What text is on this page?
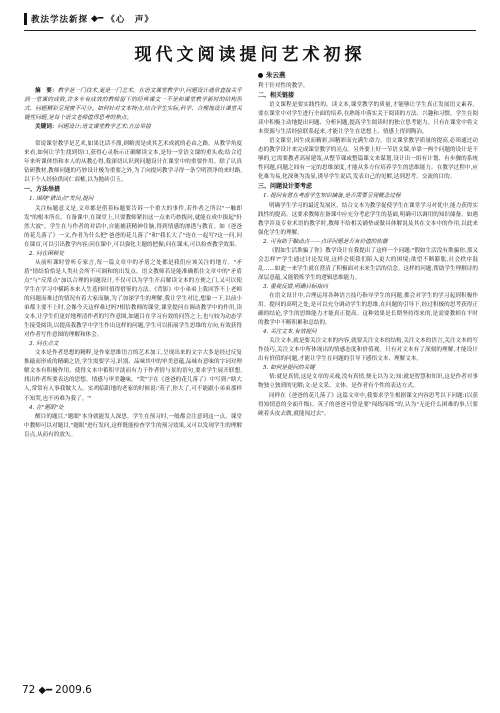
教法学法新探 ◆━ 《心　声》
现代文阅读提问艺术初探

摘　要：教学是一门技术,更是一门艺术。在语文课堂教学中,问题设计通常直接关乎到一堂课的成败,许多专有成效的教师留下的经典课文一不是和课堂教学新时的结构形式、问题精彩呈现密不可分。如何针对文本特点,结合学生实际,科学、合理地设计课堂关键性问题,是每个语文老师值得思考的焦点。

关键词：问题设计;语文课堂教学艺术;方法举措

常说课堂教学是艺术,如果比话不漂,则略需是成其艺术成就的必由之路。从教学角度来看,如何让学生找到切口,获得心灵指示正确解读文本,是每一堂语文课的重头戏;结合近年来听课体悟和本人的从教心得,我深切认识到问题设计在课堂中的重要作用。除了认真钻研教材,教师问题的巧妙设计极为重要之外,为了向提问教学寻得一条空明澄净的来时路,以下个人经验供同仁商榷,以为抛砖引玉。

一、方法举措
1. 围绕"猜出点"发问,提问

关注标题意义是,文章都是借着标题要告诉一个重大的事件,若作者之所以"一触即发"的根本所在。在备课中,在课堂上,只要教师紧扣这一点来巧妙拨问,就能在成中拔起"轩然大波"。学生在与作者的对话中,自能捕获精神住脑,得到情感的渗透与教育。如《爸爸的花儿落了》一文,作者为什么把"爸爸的花儿落了"和"我长大了"连在一起写?这一问,问在课首,可以引出教学内容;问在课中,可以强化主题的把握;问在课末,可以检查教学效果。

2. 问在困顿处

从前听课时曾听专家言,每一篇文章中的矛盾之处都是我们应该关注的地方。"矛盾"情结恰恰是人类社会所不可调和的出发点。语文教师若是能准确抓住文章中的"矛盾点"与"反常点"加以合理的问题设计,不仅可以为学生开启解读文本的方便之门,又可以使学生在学习中横跨本来人生选择时值得借鉴的方法。《背影》中小弟弟上我回答不上老师的问题而难过的情况有着大家而脑,为了加深学生的理解,我让学生对比,想象一下,以前小弟都主要不上时,会像今天这样难过吗?相信教师的课堂,课堂提问在调动教学中的作用,读文本,让学生们更好地理清作者的写作意图,如题目在学习有效的问答之上,也与较为动态学生接受阅读,以提高我教学中学生作出这样的问题,学生可以拓展学生思维的方向,有效获得对作者写作意图的理解和体会。

3. 问在点文

文本是作者思想的精粹,是作家思维语言的艺术加工,呈现出来的文字大多是经过反复推敲而形成的精确之语,学生需要学习,识别、品味其中的审美意蕴,品味有意味的字词对理解文本有积极作用。使得文本中蓄积平淡而有力于作者情与景的语句,要求学生展开联想,找出作者所要表达的思想、情感与审美趣味。"哭"字在《爸爸的花儿落了》中写到:"瞎大人,常常有人事我做大人。实鸡临阳地的老家的时候说:'英子,你大了,可不能跟小弟弟那样不知哭,也不再难为我了。'"

4. 在"题眼"处

醒目的题目,"题眼"本身就能发人深思。学生在预习时,一般都会注意到这一点。课堂中教师可以对题目,"题眼"进行发问,这样既能检查学生的预习效果,又可以发现学生的理解盲点,从而有的放矢。

朱云燕

利于针对性的教学。

二、相关链接

语文课程是要实践性的。读文本,课堂教学的质量,才能够让学生真正发展语文素养。要在课堂中对学生进行全面的培养,在熟练中落实关于阅读的方法、兴趣和习惯。学生在阅读中积极主动地提出问题、分析问题,提高学生阅读时的独立思考能力。只有在课堂中将文本资源与生活经验联系起来,才能让学生在思想上、情感上得到陶冶。

语文课堂,因生成而精彩,因精彩而充满生命力。语文课堂教学质量的提高,必须通过动态的教学设计来完成课堂教学的亮点。另外要上好一节语文课,单靠一两个问题的设计是不够的,它需要教者高屋建瓴,从整节课或整篇课文来谋划,设计出一组有计划、有步骤的系统性问题,问题之间有一定的思维深度,才能从多方位培养学生的思维能力。在教学过程中,应化难为易,化深奥为浅显,诱导学生说话,发表自己的见解,达到思考、交流的目的。

三、问题设计要考虑
1. 提问有意在考虑学生知识储备,是否需要呈现概念过程

明确学生学习的最近发展区。结合文本为教学促使学生在课堂学习对优中,能力获得实践性的提高。这要求教师在备课中应充分考虑学生的基础,明确可以调用的知识储备。如遇教学涉及专业术语的教学时,教师不给相关铺垫或做具体解说及其在文本中的作用,以此来强化学生的理解。

2. 可有助于触动点——点评问题是否有价值的依据

《假如生活欺骗了你》教学设计在我提出了这样一个问题:"假如生活没有欺骗你,那又会怎样?"学生通过讨论发现,这样会使我们陷入更大的困境;欲望不断膨胀,社会秩序混乱……如此一来学生就在澄清了积极面对未来生活的信念。这样的问题,帮助学生理解诗的深层意蕴,又能锻炼学生的逻辑思维能力。

3. 重视反馈,明确目标指向

在语文设计中,合理运用各种语言技巧指导学生的问题,都会对学生的学习起到积极作用。提问的高明之处,是可以充分调动学生的思维,在问题的引导下,经过积极的思考获得正确的结论,学生的思维能力才能真正提高。这种效果是长期坚持得来的,是需要教师在平时的教学中不断积累和总结的。

4. 关注文本,有效提问

关注文本,就是要关注文本的内容,就要关注文本的结构,关注文本的语言,关注文本的写作技巧,关注文本中所体现出的情感态度和价值观。只有对文本有了深刻的理解,才能设计出有价值的问题,才能让学生在问题的引导下感悟文本、理解文本。

5. 如何是提问的关键

情:就是真情,这是文章的灵魂,没有真情,便无以为文;知:就是智慧和知识,这是作者对事物独立独到的见解;文:是文采、文体、是作者有个性的表达方式。

同样在《爸爸的花儿落了》这篇文章中,我要求学生根据课文内容思考以下问题:(以获得知情意的全面升级)。英子的爸爸可曾是要"闯练闯练"的,认为"无论什么困难的事,只要硬着头皮去做,就能闯过去"。

72 ◆━ 2009.6
